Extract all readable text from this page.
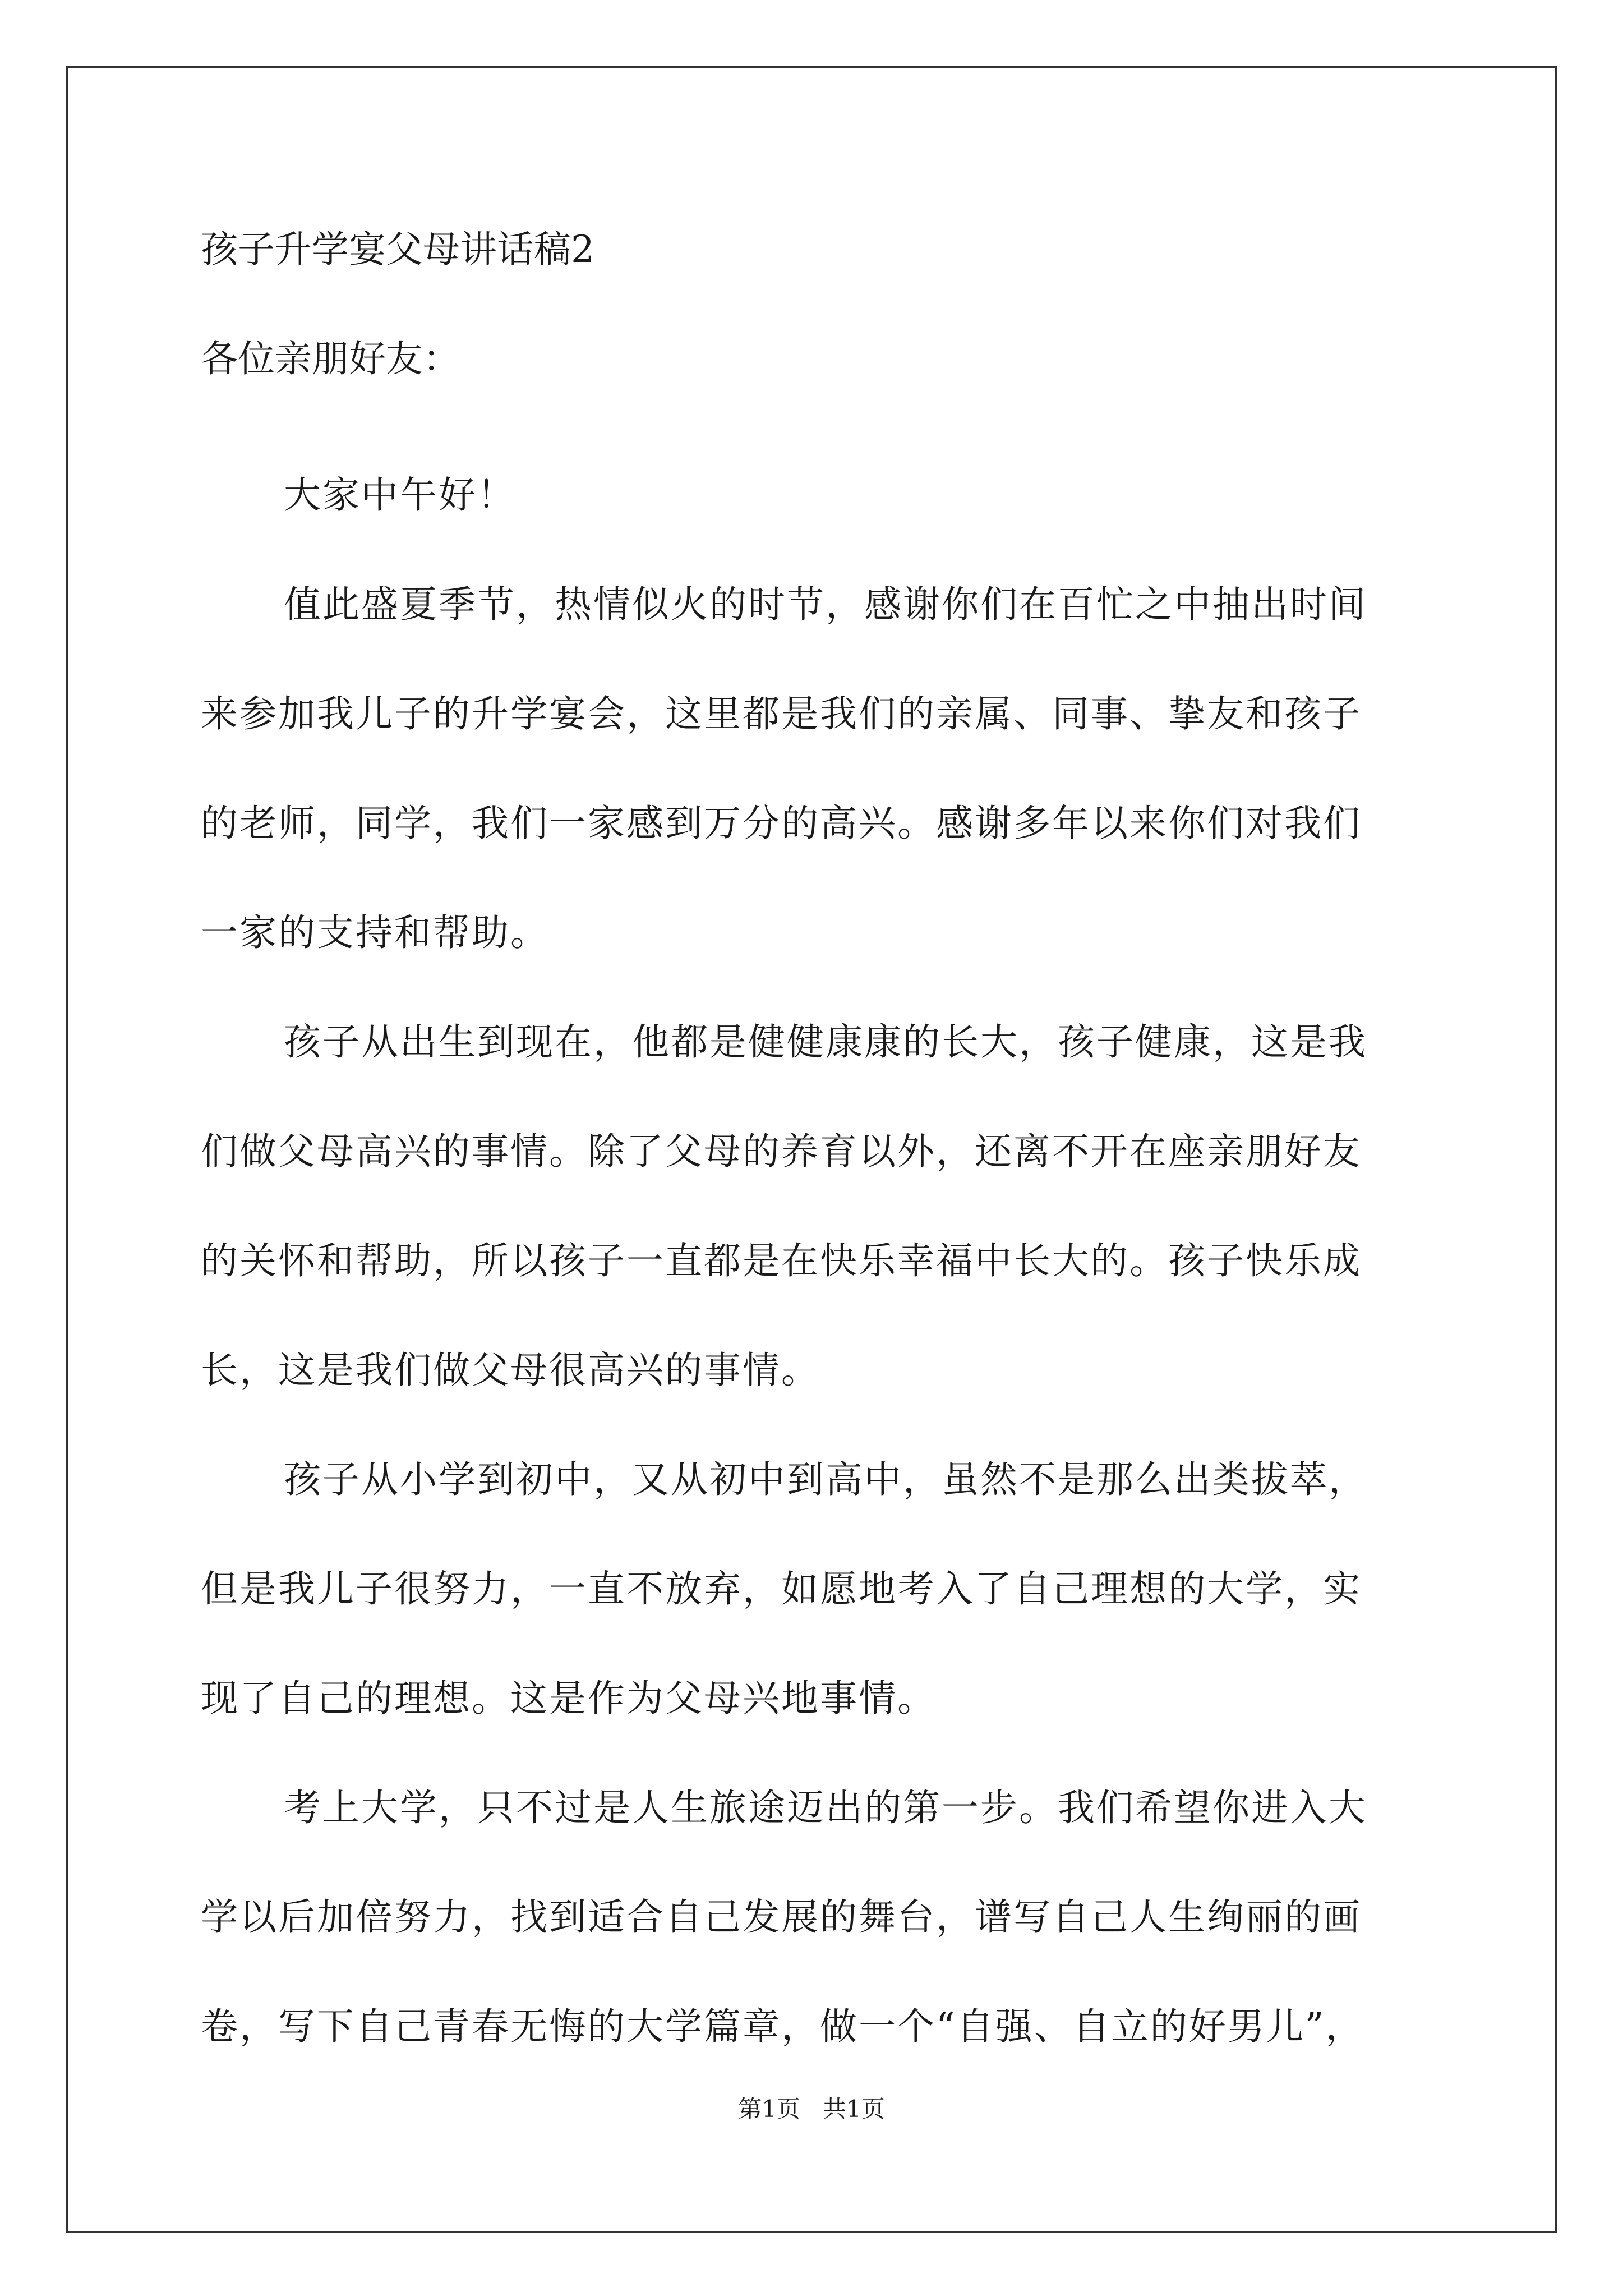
孩子升学宴父母讲话稿2
各位亲朋好友：
大家中午好！
值此盛夏季节，热情似火的时节，感谢你们在百忙之中抽出时间
来参加我儿子的升学宴会，这里都是我们的亲属、同事、挚友和孩子
的老师，同学，我们一家感到万分的高兴。感谢多年以来你们对我们
一家的支持和帮助。
孩子从出生到现在，他都是健健康康的长大，孩子健康，这是我
们做父母高兴的事情。除了父母的养育以外，还离不开在座亲朋好友
的关怀和帮助，所以孩子一直都是在快乐幸福中长大的。孩子快乐成
长，这是我们做父母很高兴的事情。
孩子从小学到初中，又从初中到高中，虽然不是那么出类拔萃，
但是我儿子很努力，一直不放弃，如愿地考入了自己理想的大学，实
现了自己的理想。这是作为父母兴地事情。
考上大学，只不过是人生旅途迈出的第一步。我们希望你进入大
学以后加倍努力，找到适合自己发展的舞台，谱写自己人生绚丽的画
卷，写下自己青春无悔的大学篇章，做一个“自强、自立的好男儿”，
第1页   共1页
